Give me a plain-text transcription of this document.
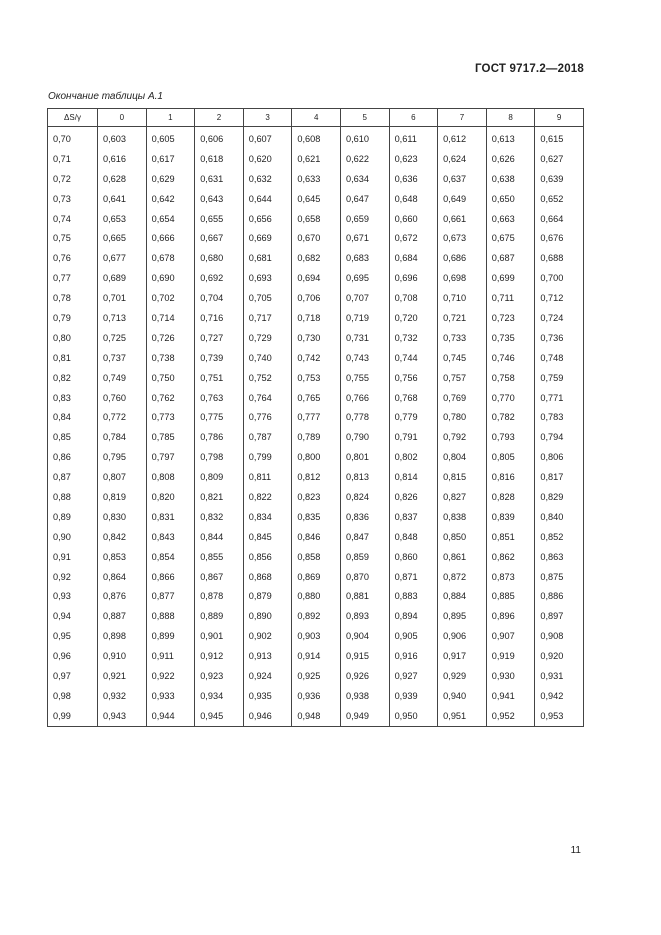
ГОСТ 9717.2—2018
Окончание таблицы А.1
ΔS/γ	0	1	2	3	4	5	6	7	8	9
0,70	0,603	0,605	0,606	0,607	0,608	0,610	0,611	0,612	0,613	0,615
0,71	0,616	0,617	0,618	0,620	0,621	0,622	0,623	0,624	0,626	0,627
0,72	0,628	0,629	0,631	0,632	0,633	0,634	0,636	0,637	0,638	0,639
0,73	0,641	0,642	0,643	0,644	0,645	0,647	0,648	0,649	0,650	0,652
0,74	0,653	0,654	0,655	0,656	0,658	0,659	0,660	0,661	0,663	0,664
0,75	0,665	0,666	0,667	0,669	0,670	0,671	0,672	0,673	0,675	0,676
0,76	0,677	0,678	0,680	0,681	0,682	0,683	0,684	0,686	0,687	0,688
0,77	0,689	0,690	0,692	0,693	0,694	0,695	0,696	0,698	0,699	0,700
0,78	0,701	0,702	0,704	0,705	0,706	0,707	0,708	0,710	0,711	0,712
0,79	0,713	0,714	0,716	0,717	0,718	0,719	0,720	0,721	0,723	0,724
0,80	0,725	0,726	0,727	0,729	0,730	0,731	0,732	0,733	0,735	0,736
0,81	0,737	0,738	0,739	0,740	0,742	0,743	0,744	0,745	0,746	0,748
0,82	0,749	0,750	0,751	0,752	0,753	0,755	0,756	0,757	0,758	0,759
0,83	0,760	0,762	0,763	0,764	0,765	0,766	0,768	0,769	0,770	0,771
0,84	0,772	0,773	0,775	0,776	0,777	0,778	0,779	0,780	0,782	0,783
0,85	0,784	0,785	0,786	0,787	0,789	0,790	0,791	0,792	0,793	0,794
0,86	0,795	0,797	0,798	0,799	0,800	0,801	0,802	0,804	0,805	0,806
0,87	0,807	0,808	0,809	0,811	0,812	0,813	0,814	0,815	0,816	0,817
0,88	0,819	0,820	0,821	0,822	0,823	0,824	0,826	0,827	0,828	0,829
0,89	0,830	0,831	0,832	0,834	0,835	0,836	0,837	0,838	0,839	0,840
0,90	0,842	0,843	0,844	0,845	0,846	0,847	0,848	0,850	0,851	0,852
0,91	0,853	0,854	0,855	0,856	0,858	0,859	0,860	0,861	0,862	0,863
0,92	0,864	0,866	0,867	0,868	0,869	0,870	0,871	0,872	0,873	0,875
0,93	0,876	0,877	0,878	0,879	0,880	0,881	0,883	0,884	0,885	0,886
0,94	0,887	0,888	0,889	0,890	0,892	0,893	0,894	0,895	0,896	0,897
0,95	0,898	0,899	0,901	0,902	0,903	0,904	0,905	0,906	0,907	0,908
0,96	0,910	0,911	0,912	0,913	0,914	0,915	0,916	0,917	0,919	0,920
0,97	0,921	0,922	0,923	0,924	0,925	0,926	0,927	0,929	0,930	0,931
0,98	0,932	0,933	0,934	0,935	0,936	0,938	0,939	0,940	0,941	0,942
0,99	0,943	0,944	0,945	0,946	0,948	0,949	0,950	0,951	0,952	0,953
11
